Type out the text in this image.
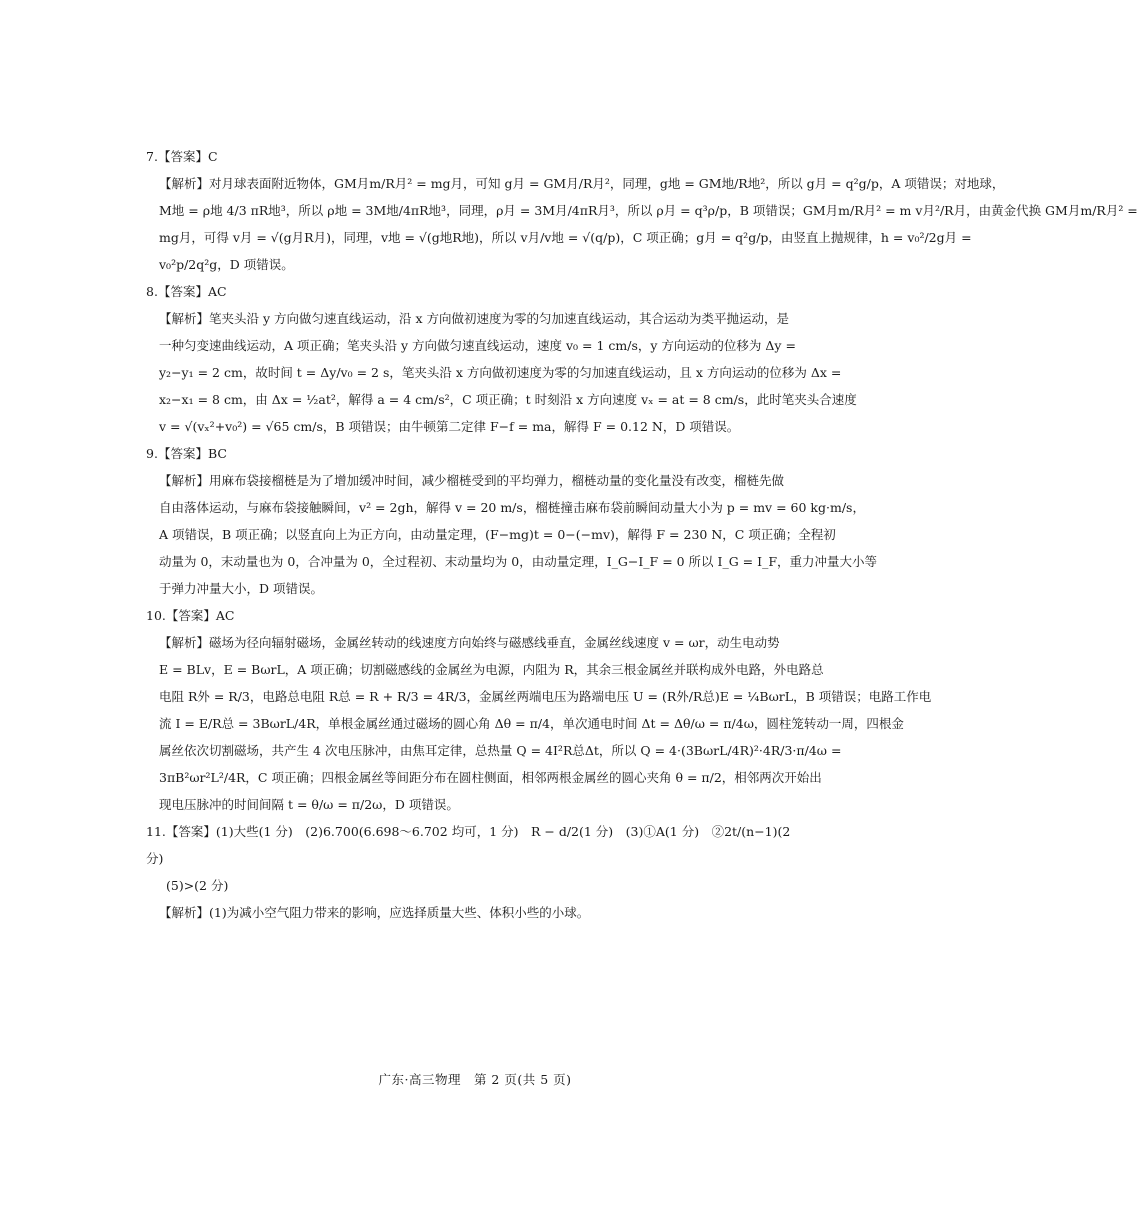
7.【答案】C
【解析】对月球表面附近物体，GM月m/R月² = mg月，可知 g月 = GM月/R月²，同理，g地 = GM地/R地²，所以 g月 = q²g/p，A 项错误；对地球，
M地 = ρ地 4/3 πR地³，所以 ρ地 = 3M地/4πR地³，同理，ρ月 = 3M月/4πR月³，所以 ρ月 = q³ρ/p，B 项错误；GM月m/R月² = m v月²/R月，由黄金代换 GM月m/R月² =
mg月，可得 v月 = √(g月R月)，同理，v地 = √(g地R地)，所以 v月/v地 = √(q/p)，C 项正确；g月 = q²g/p，由竖直上抛规律，h = v₀²/2g月 =
v₀²p/2q²g，D 项错误。
8.【答案】AC
【解析】笔夹头沿 y 方向做匀速直线运动，沿 x 方向做初速度为零的匀加速直线运动，其合运动为类平抛运动，是
一种匀变速曲线运动，A 项正确；笔夹头沿 y 方向做匀速直线运动，速度 v₀ = 1 cm/s，y 方向运动的位移为 Δy =
y₂−y₁ = 2 cm，故时间 t = Δy/v₀ = 2 s，笔夹头沿 x 方向做初速度为零的匀加速直线运动，且 x 方向运动的位移为 Δx =
x₂−x₁ = 8 cm，由 Δx = ½at²，解得 a = 4 cm/s²，C 项正确；t 时刻沿 x 方向速度 vₓ = at = 8 cm/s，此时笔夹头合速度
v = √(vₓ²+v₀²) = √65 cm/s，B 项错误；由牛顿第二定律 F−f = ma，解得 F = 0.12 N，D 项错误。
9.【答案】BC
【解析】用麻布袋接榴梿是为了增加缓冲时间，减少榴梿受到的平均弹力，榴梿动量的变化量没有改变，榴梿先做
自由落体运动，与麻布袋接触瞬间，v² = 2gh，解得 v = 20 m/s，榴梿撞击麻布袋前瞬间动量大小为 p = mv = 60 kg·m/s，
A 项错误，B 项正确；以竖直向上为正方向，由动量定理，(F−mg)t = 0−(−mv)，解得 F = 230 N，C 项正确；全程初
动量为 0，末动量也为 0，合冲量为 0，全过程初、末动量均为 0，由动量定理，I_G−I_F = 0 所以 I_G = I_F，重力冲量大小等
于弹力冲量大小，D 项错误。
10.【答案】AC
【解析】磁场为径向辐射磁场，金属丝转动的线速度方向始终与磁感线垂直，金属丝线速度 v = ωr，动生电动势
E = BLv，E = BωrL，A 项正确；切割磁感线的金属丝为电源，内阻为 R，其余三根金属丝并联构成外电路，外电路总
电阻 R外 = R/3，电路总电阻 R总 = R + R/3 = 4R/3，金属丝两端电压为路端电压 U = (R外/R总)E = ¼BωrL，B 项错误；电路工作电
流 I = E/R总 = 3BωrL/4R，单根金属丝通过磁场的圆心角 Δθ = π/4，单次通电时间 Δt = Δθ/ω = π/4ω，圆柱笼转动一周，四根金
属丝依次切割磁场，共产生 4 次电压脉冲，由焦耳定律，总热量 Q = 4I²R总Δt，所以 Q = 4·(3BωrL/4R)²·4R/3·π/4ω =
3πB²ωr²L²/4R，C 项正确；四根金属丝等间距分布在圆柱侧面，相邻两根金属丝的圆心夹角 θ = π/2，相邻两次开始出
现电压脉冲的时间间隔 t = θ/ω = π/2ω，D 项错误。
11.【答案】(1)大些(1 分)　(2)6.700(6.698～6.702 均可，1 分)　R − d/2(1 分)　(3)①A(1 分)　②2t/(n−1)(2 分)
(5)>(2 分)
【解析】(1)为减小空气阻力带来的影响，应选择质量大些、体积小些的小球。
广东·高三物理　第 2 页(共 5 页)
